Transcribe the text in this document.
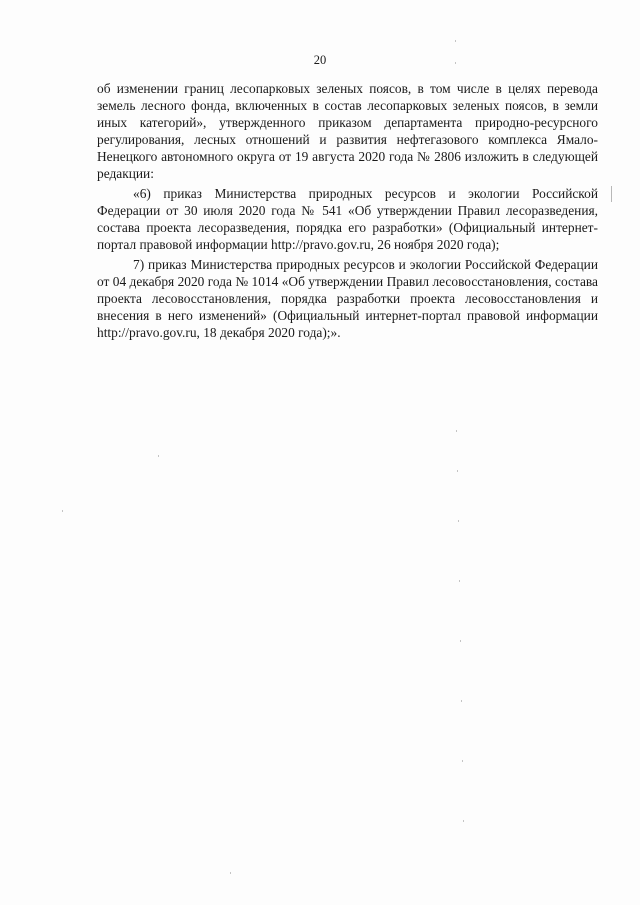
20

об изменении границ лесопарковых зеленых поясов, в том числе в целях перевода земель лесного фонда, включенных в состав лесопарковых зеленых поясов, в земли иных категорий», утвержденного приказом департамента природно-ресурсного регулирования, лесных отношений и развития нефтегазового комплекса Ямало-Ненецкого автономного округа от 19 августа 2020 года № 2806 изложить в следующей редакции:

«6) приказ Министерства природных ресурсов и экологии Российской Федерации от 30 июля 2020 года № 541 «Об утверждении Правил лесоразведения, состава проекта лесоразведения, порядка его разработки» (Официальный интернет-портал правовой информации http://pravo.gov.ru, 26 ноября 2020 года);

7) приказ Министерства природных ресурсов и экологии Российской Федерации от 04 декабря 2020 года № 1014 «Об утверждении Правил лесовосстановления, состава проекта лесовосстановления, порядка разработки проекта лесовосстановления и внесения в него изменений» (Официальный интернет-портал правовой информации http://pravo.gov.ru, 18 декабря 2020 года);».
